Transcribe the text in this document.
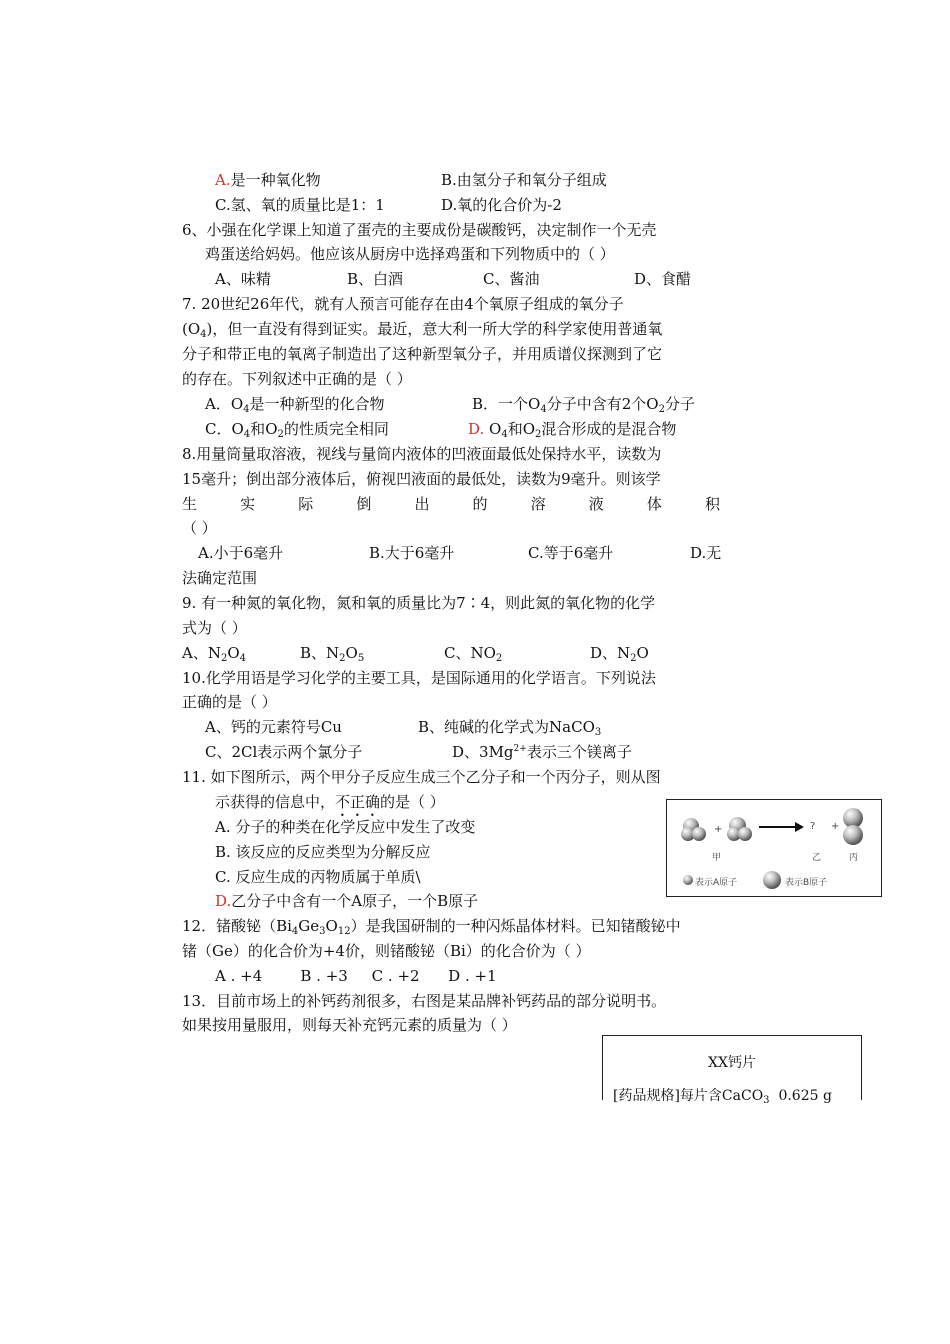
A.是一种氧化物	B.由氢分子和氧分子组成
C.氢、氧的质量比是1：1	D.氧的化合价为-2
6、小强在化学课上知道了蛋壳的主要成份是碳酸钙，决定制作一个无壳
鸡蛋送给妈妈。他应该从厨房中选择鸡蛋和下列物质中的（ ）
A、味精	B、白酒	C、酱油	D、食醋
7. 20世纪26年代，就有人预言可能存在由4个氧原子组成的氧分子
$(O_4)$，但一直没有得到证实。最近，意大利一所大学的科学家使用普通氧
分子和带正电的氧离子制造出了这种新型氧分子，并用质谱仪探测到了它
的存在。下列叙述中正确的是（ ）
A．$O_4$是一种新型的化合物	B．一个$O_4$分子中含有2个$O_2$分子
C．$O_4$和$O_2$的性质完全相同	D. $O_4$和$O_2$混合形成的是混合物
8.用量筒量取溶液，视线与量筒内液体的凹液面最低处保持水平，读数为
15毫升；倒出部分液体后，俯视凹液面的最低处，读数为9毫升。则该学
生	实	际	倒	出	的	溶	液	体	积
（ ）
A.小于6毫升	B.大于6毫升	C.等于6毫升	D.无
法确定范围
9. 有一种氮的氧化物，氮和氧的质量比为7∶4，则此氮的氧化物的化学
式为（ ）
A、$N_2O_4$	B、$N_2O_5$	C、$NO_2$	D、$N_2O$
10.化学用语是学习化学的主要工具，是国际通用的化学语言。下列说法
正确的是（ ）
A、钙的元素符号Cu	B、纯碱的化学式为NaCO$_3$
C、2Cl表示两个氯分子	D、$3Mg^{2+}$表示三个镁离子
11. 如下图所示，两个甲分子反应生成三个乙分子和一个丙分子，则从图
示获得的信息中，不正确的是（ ）
A. 分子的种类在化学反应中发生了改变
B. 该反应的反应类型为分解反应
C. 反应生成的丙物质属于单质\
D.乙分子中含有一个A原子，一个B原子
+	? +
甲	乙	丙
表示A原子	表示B原子
12．锗酸铋$(Bi_4Ge_3O_{12})$是我国研制的一种闪烁晶体材料。已知锗酸铋中
锗（Ge）的化合价为+4价，则锗酸铋（Bi）的化合价为（ ）
A . +4        B . +3     C . +2      D . +1
13．目前市场上的补钙药剂很多，右图是某品牌补钙药品的部分说明书。
如果按用量服用，则每天补充钙元素的质量为（ ）
XX钙片
[药品规格]每片含CaCO$_3$  0.625 g
